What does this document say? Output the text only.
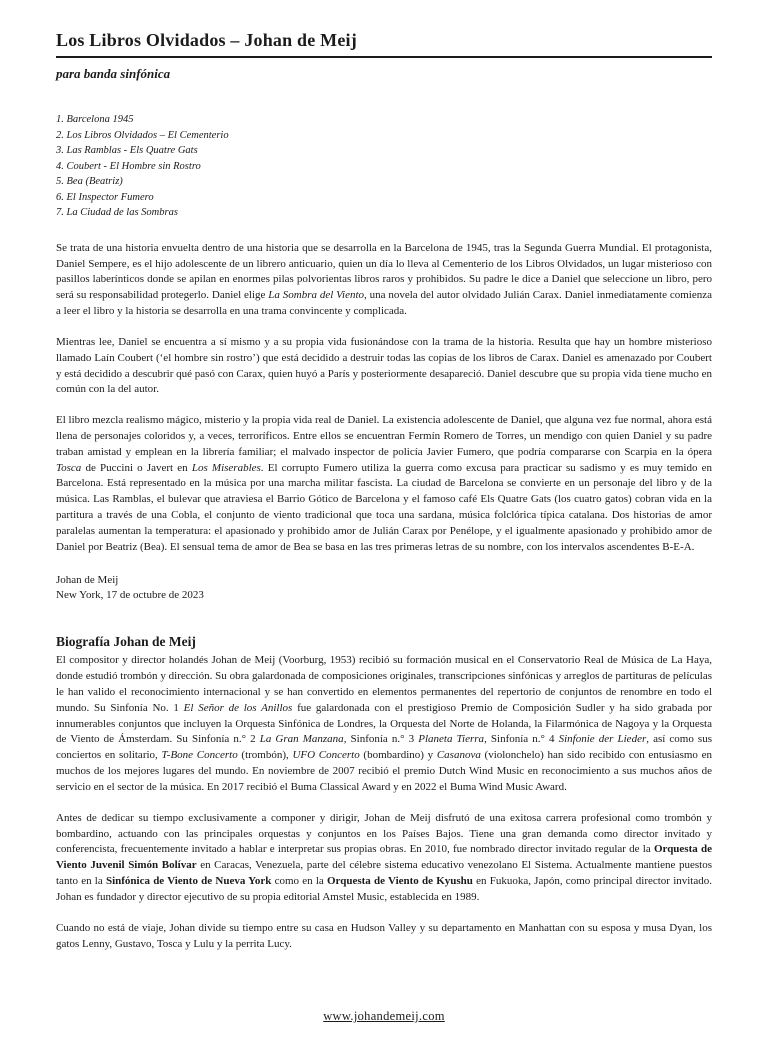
Los Libros Olvidados – Johan de Meij
para banda sinfónica
1. Barcelona 1945
2. Los Libros Olvidados – El Cementerio
3. Las Ramblas - Els Quatre Gats
4. Coubert - El Hombre sin Rostro
5. Bea (Beatriz)
6. El Inspector Fumero
7. La Ciudad de las Sombras

Se trata de una historia envuelta dentro de una historia que se desarrolla en la Barcelona de 1945, tras la Segunda Guerra Mundial. El protagonista, Daniel Sempere, es el hijo adolescente de un librero anticuario, quien un día lo lleva al Cementerio de los Libros Olvidados, un lugar misterioso con pasillos laberínticos donde se apilan en enormes pilas polvorientas libros raros y prohibidos. Su padre le dice a Daniel que seleccione un libro, pero será su responsabilidad protegerlo. Daniel elige La Sombra del Viento, una novela del autor olvidado Julián Carax. Daniel inmediatamente comienza a leer el libro y la historia se desarrolla en una trama convincente y complicada.

Mientras lee, Daniel se encuentra a sí mismo y a su propia vida fusionándose con la trama de la historia. Resulta que hay un hombre misterioso llamado Laín Coubert (‘el hombre sin rostro’) que está decidido a destruir todas las copias de los libros de Carax. Daniel es amenazado por Coubert y está decidido a descubrir qué pasó con Carax, quien huyó a París y posteriormente desapareció. Daniel descubre que su propia vida tiene mucho en común con la del autor.

El libro mezcla realismo mágico, misterio y la propia vida real de Daniel. La existencia adolescente de Daniel, que alguna vez fue normal, ahora está llena de personajes coloridos y, a veces, terroríficos. Entre ellos se encuentran Fermín Romero de Torres, un mendigo con quien Daniel y su padre traban amistad y emplean en la librería familiar; el malvado inspector de policía Javier Fumero, que podría compararse con Scarpia en la ópera Tosca de Puccini o Javert en Los Miserables. El corrupto Fumero utiliza la guerra como excusa para practicar su sadismo y es muy temido en Barcelona. Está representado en la música por una marcha militar fascista. La ciudad de Barcelona se convierte en un personaje del libro y de la música. Las Ramblas, el bulevar que atraviesa el Barrio Gótico de Barcelona y el famoso café Els Quatre Gats (los cuatro gatos) cobran vida en la partitura a través de una Cobla, el conjunto de viento tradicional que toca una sardana, música folclórica típica catalana. Dos historias de amor paralelas aumentan la temperatura: el apasionado y prohibido amor de Julián Carax por Penélope, y el igualmente apasionado y prohibido amor de Daniel por Beatriz (Bea). El sensual tema de amor de Bea se basa en las tres primeras letras de su nombre, con los intervalos ascendentes B-E-A.

Johan de Meij
New York, 17 de octubre de 2023
Biografía Johan de Meij

El compositor y director holandés Johan de Meij (Voorburg, 1953) recibió su formación musical en el Conservatorio Real de Música de La Haya, donde estudió trombón y dirección. Su obra galardonada de composiciones originales, transcripciones sinfónicas y arreglos de partituras de películas le han valido el reconocimiento internacional y se han convertido en elementos permanentes del repertorio de conjuntos de renombre en todo el mundo. Su Sinfonía No. 1 El Señor de los Anillos fue galardonada con el prestigioso Premio de Composición Sudler y ha sido grabada por innumerables conjuntos que incluyen la Orquesta Sinfónica de Londres, la Orquesta del Norte de Holanda, la Filarmónica de Nagoya y la Orquesta de Viento de Ámsterdam. Su Sinfonía n.° 2 La Gran Manzana, Sinfonía n.° 3 Planeta Tierra, Sinfonía n.° 4 Sinfonie der Lieder, así como sus conciertos en solitario, T-Bone Concerto (trombón), UFO Concerto (bombardino) y Casanova (violonchelo) han sido recibido con entusiasmo en muchos de los mejores lugares del mundo. En noviembre de 2007 recibió el premio Dutch Wind Music en reconocimiento a sus muchos años de servicio en el sector de la música. En 2017 recibió el Buma Classical Award y en 2022 el Buma Wind Music Award.

Antes de dedicar su tiempo exclusivamente a componer y dirigir, Johan de Meij disfrutó de una exitosa carrera profesional como trombón y bombardino, actuando con las principales orquestas y conjuntos en los Países Bajos. Tiene una gran demanda como director invitado y conferencista, frecuentemente invitado a hablar e interpretar sus propias obras. En 2010, fue nombrado director invitado regular de la Orquesta de Viento Juvenil Simón Bolívar en Caracas, Venezuela, parte del célebre sistema educativo venezolano El Sistema. Actualmente mantiene puestos tanto en la Sinfónica de Viento de Nueva York como en la Orquesta de Viento de Kyushu en Fukuoka, Japón, como principal director invitado. Johan es fundador y director ejecutivo de su propia editorial Amstel Music, establecida en 1989.

Cuando no está de viaje, Johan divide su tiempo entre su casa en Hudson Valley y su departamento en Manhattan con su esposa y musa Dyan, los gatos Lenny, Gustavo, Tosca y Lulu y la perrita Lucy.

www.johandemeij.com
